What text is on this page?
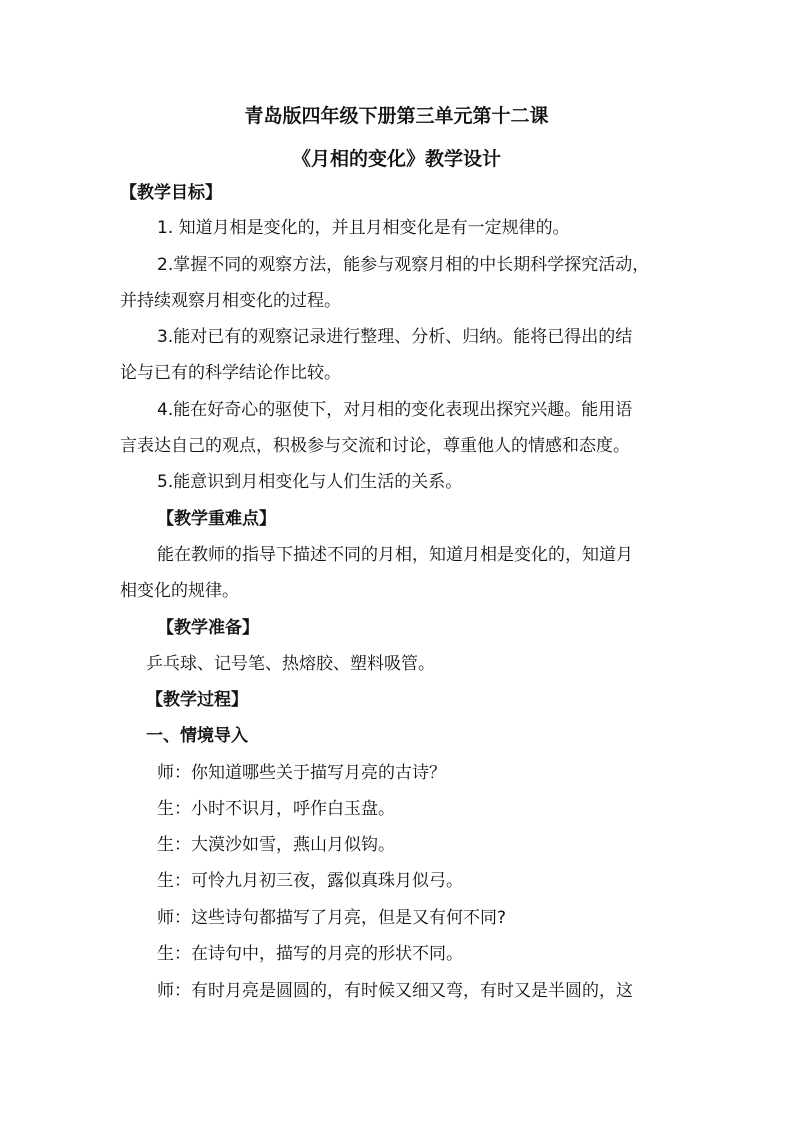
青岛版四年级下册第三单元第十二课
《月相的变化》教学设计
【教学目标】
1. 知道月相是变化的，并且月相变化是有一定规律的。
2.掌握不同的观察方法，能参与观察月相的中长期科学探究活动，
并持续观察月相变化的过程。
3.能对已有的观察记录进行整理、分析、归纳。能将已得出的结
论与已有的科学结论作比较。
4.能在好奇心的驱使下，对月相的变化表现出探究兴趣。能用语
言表达自己的观点，积极参与交流和讨论，尊重他人的情感和态度。
5.能意识到月相变化与人们生活的关系。
【教学重难点】
能在教师的指导下描述不同的月相，知道月相是变化的，知道月
相变化的规律。
【教学准备】
乒乓球、记号笔、热熔胶、塑料吸管。
【教学过程】
一、情境导入
师：你知道哪些关于描写月亮的古诗？
生：小时不识月，呼作白玉盘。
生：大漠沙如雪，燕山月似钩。
生：可怜九月初三夜，露似真珠月似弓。
师：这些诗句都描写了月亮，但是又有何不同?
生：在诗句中，描写的月亮的形状不同。
师：有时月亮是圆圆的，有时候又细又弯，有时又是半圆的，这
